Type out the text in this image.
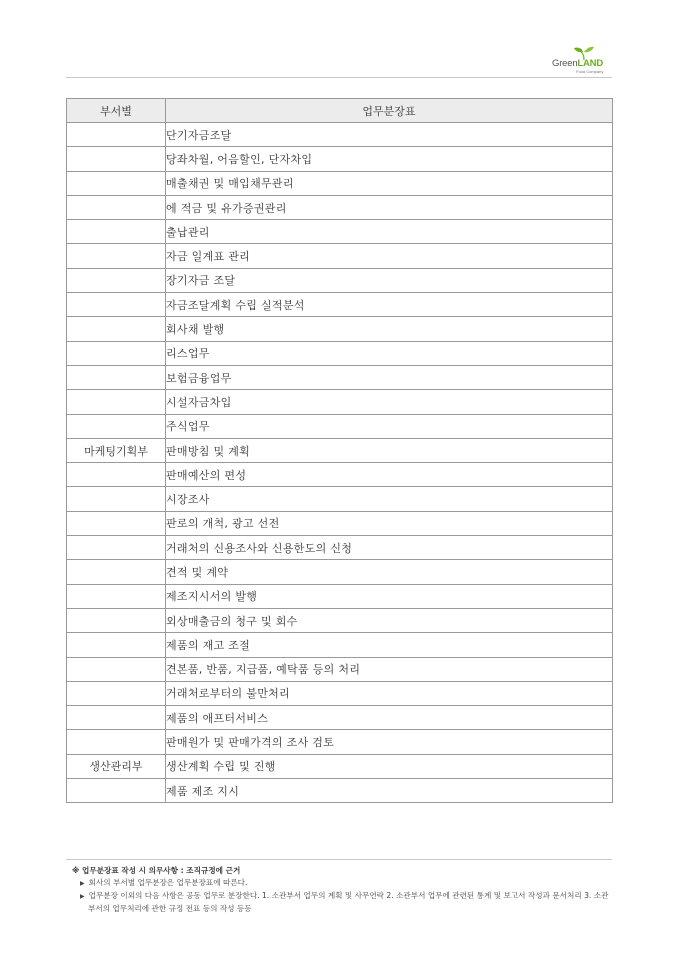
GreenLAND
Food Company
부서별	업무분장표
	단기자금조달
	당좌차월, 어음할인, 단자차입
	매출채권 및 매입채무관리
	에 적금 및 유가증권관리
	출납관리
	자금 일계표 관리
	장기자금 조달
	자금조달계획 수립 실적분석
	회사채 발행
	리스업무
	보험금융업무
	시설자금차입
	주식업무
마케팅기획부	판매방침 및 계획
	판매예산의 편성
	시장조사
	판로의 개척, 광고 선전
	거래처의 신용조사와 신용한도의 신청
	견적 및 계약
	제조지시서의 발행
	외상매출금의 청구 및 회수
	제품의 재고 조절
	견본품, 반품, 지급품, 예탁품 등의 처리
	거래처로부터의 불만처리
	제품의 애프터서비스
	판매원가 및 판매가격의 조사 검토
생산관리부	생산계획 수립 및 진행
	제품 제조 지시
※ 업무분장표 작성 시 의무사항 : 조직규정에 근거
▶ 회사의 부서별 업무분장은 업무분장표에 따른다.
▶ 업무분장 이외의 다음 사항은 공동 업무로 분장한다. 1. 소관부서 업무의 계획 및 사무연락 2. 소관부서 업무에 관련된 통계 및 보고서 작성과 문서처리 3. 소관부서의 업무처리에 관한 규정 전표 등의 작성 등등
